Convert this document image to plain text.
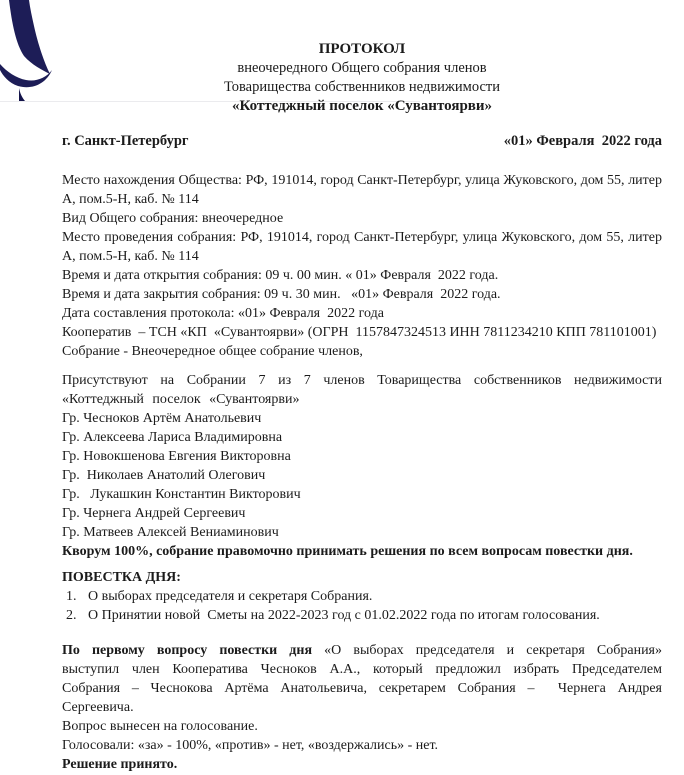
ПРОТОКОЛ
внеочередного Общего собрания членов
Товарищества собственников недвижимости
«Коттеджный поселок «Сувантоярви»
г. Санкт-Петербург	«01» Февраля  2022 года

Место нахождения Общества: РФ, 191014, город Санкт-Петербург, улица Жуковского, дом 55, литер А, пом.5-Н, каб. № 114

Вид Общего собрания: внеочередное

Место проведения собрания: РФ, 191014, город Санкт-Петербург, улица Жуковского, дом 55, литер А, пом.5-Н, каб. № 114

Время и дата открытия собрания: 09 ч. 00 мин. « 01» Февраля  2022 года.

Время и дата закрытия собрания: 09 ч. 30 мин.   «01» Февраля  2022 года.

Дата составления протокола: «01» Февраля  2022 года

Кооператив  – ТСН «КП  «Сувантоярви» (ОГРН  1157847324513 ИНН 7811234210 КПП 781101001)

Собрание - Внеочередное общее собрание членов,

Присутствуют на Собрании 7 из 7 членов Товарищества собственников недвижимости «Коттеджный поселок «Сувантоярви»

Гр. Чесноков Артём Анатольевич

Гр. Алексеева Лариса Владимировна

Гр. Новокшенова Евгения Викторовна

Гр.  Николаев Анатолий Олегович

Гр.   Лукашкин Константин Викторович

Гр. Чернега Андрей Сергеевич

Гр. Матвеев Алексей Вениаминович

Кворум 100%, собрание правомочно принимать решения по всем вопросам повестки дня.

ПОВЕСТКА ДНЯ:

1. О выборах председателя и секретаря Собрания.

2. О Принятии новой  Сметы на 2022-2023 год с 01.02.2022 года по итогам голосования.

По первому вопросу повестки дня «О выборах председателя и секретаря Собрания» выступил член Кооператива Чесноков А.А., который предложил избрать Председателем Собрания – Чеснокова Артёма Анатольевича, секретарем Собрания –  Чернега Андрея Сергеевича.

Вопрос вынесен на голосование.

Голосовали: «за» - 100%, «против» - нет, «воздержались» - нет.

Решение принято.
